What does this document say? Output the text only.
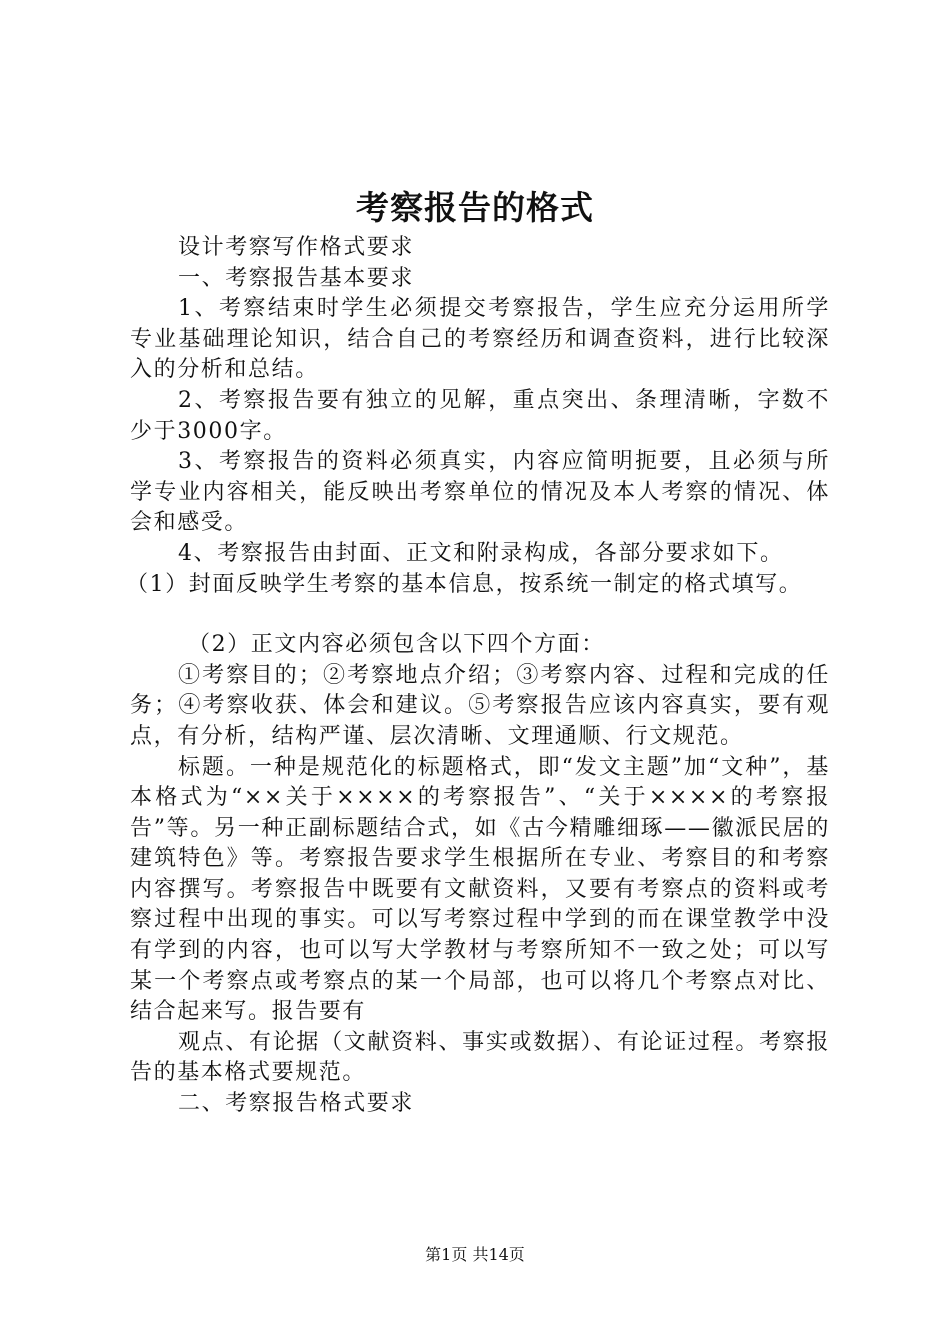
考察报告的格式

设计考察写作格式要求

一、考察报告基本要求

1、考察结束时学生必须提交考察报告，学生应充分运用所学专业基础理论知识，结合自己的考察经历和调查资料，进行比较深入的分析和总结。

2、考察报告要有独立的见解，重点突出、条理清晰，字数不少于3000字。

3、考察报告的资料必须真实，内容应简明扼要，且必须与所学专业内容相关，能反映出考察单位的情况及本人考察的情况、体会和感受。

4、考察报告由封面、正文和附录构成，各部分要求如下。

（1）封面反映学生考察的基本信息，按系统一制定的格式填写。

（2）正文内容必须包含以下四个方面：

①考察目的；②考察地点介绍；③考察内容、过程和完成的任务；④考察收获、体会和建议。⑤考察报告应该内容真实，要有观点，有分析，结构严谨、层次清晰、文理通顺、行文规范。

标题。一种是规范化的标题格式，即“发文主题”加“文种”，基本格式为“××关于××××的考察报告”、“关于××××的考察报告”等。另一种正副标题结合式，如《古今精雕细琢——徽派民居的建筑特色》等。考察报告要求学生根据所在专业、考察目的和考察内容撰写。考察报告中既要有文献资料，又要有考察点的资料或考察过程中出现的事实。可以写考察过程中学到的而在课堂教学中没有学到的内容，也可以写大学教材与考察所知不一致之处；可以写某一个考察点或考察点的某一个局部，也可以将几个考察点对比、结合起来写。报告要有

观点、有论据（文献资料、事实或数据）、有论证过程。考察报告的基本格式要规范。

二、考察报告格式要求

第1页 共14页
